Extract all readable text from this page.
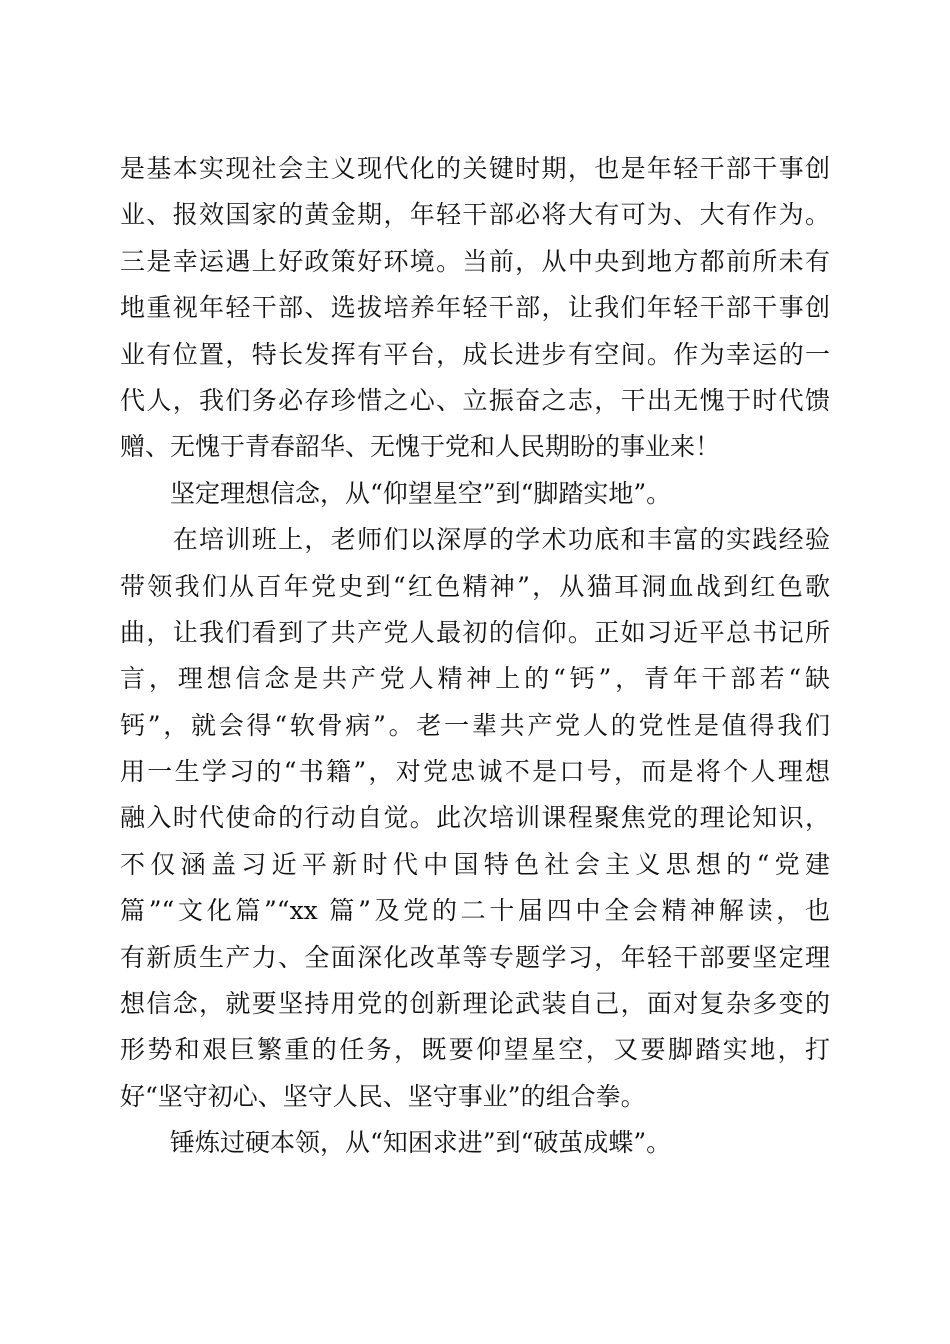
是基本实现社会主义现代化的关键时期，也是年轻干部干事创
业、报效国家的黄金期，年轻干部必将大有可为、大有作为。
三是幸运遇上好政策好环境。当前，从中央到地方都前所未有
地重视年轻干部、选拔培养年轻干部，让我们年轻干部干事创
业有位置，特长发挥有平台，成长进步有空间。作为幸运的一
代人，我们务必存珍惜之心、立振奋之志，干出无愧于时代馈
赠、无愧于青春韶华、无愧于党和人民期盼的事业来！
　　坚定理想信念，从“仰望星空”到“脚踏实地”。
　　在培训班上，老师们以深厚的学术功底和丰富的实践经验
带领我们从百年党史到“红色精神”，从猫耳洞血战到红色歌
曲，让我们看到了共产党人最初的信仰。正如习近平总书记所
言，理想信念是共产党人精神上的“钙”，青年干部若“缺
钙”，就会得“软骨病”。老一辈共产党人的党性是值得我们
用一生学习的“书籍”，对党忠诚不是口号，而是将个人理想
融入时代使命的行动自觉。此次培训课程聚焦党的理论知识，
不仅涵盖习近平新时代中国特色社会主义思想的“党建
篇”“文化篇”“xx 篇”及党的二十届四中全会精神解读，也
有新质生产力、全面深化改革等专题学习，年轻干部要坚定理
想信念，就要坚持用党的创新理论武装自己，面对复杂多变的
形势和艰巨繁重的任务，既要仰望星空，又要脚踏实地，打
好“坚守初心、坚守人民、坚守事业”的组合拳。
　　锤炼过硬本领，从“知困求进”到“破茧成蝶”。
